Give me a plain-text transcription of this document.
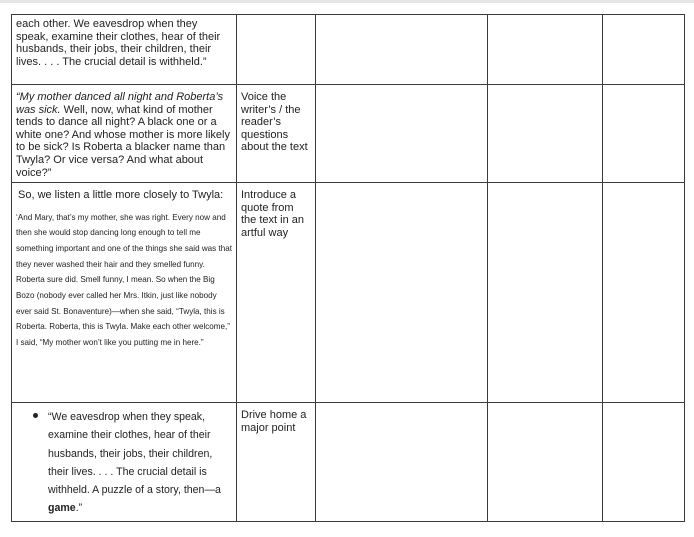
each other. We eavesdrop when they speak, examine their clothes, hear of their husbands, their jobs, their children, their lives. . . . The crucial detail is withheld.”				

“My mother danced all night and Roberta’s was sick. Well, now, what kind of mother tends to dance all night? A black one or a white one? And whose mother is more likely to be sick? Is Roberta a blacker name than Twyla? Or vice versa? And what about voice?”	Voice the writer’s / the reader’s questions about the text			

So, we listen a little more closely to Twyla:
‘And Mary, that’s my mother, she was right. Every now and then she would stop dancing long enough to tell me something important and one of the things she said was that they never washed their hair and they smelled funny. Roberta sure did. Smell funny, I mean. So when the Big Bozo (nobody ever called her Mrs. Itkin, just like nobody ever said St. Bonaventure)—when she said, “Twyla, this is Roberta. Roberta, this is Twyla. Make each other welcome,” I said, “My mother won’t like you putting me in here.”	Introduce a quote from the text in an artful way			

“We eavesdrop when they speak, examine their clothes, hear of their husbands, their jobs, their children, their lives. . . . The crucial detail is withheld. A puzzle of a story, then—a game.”	Drive home a major point			
